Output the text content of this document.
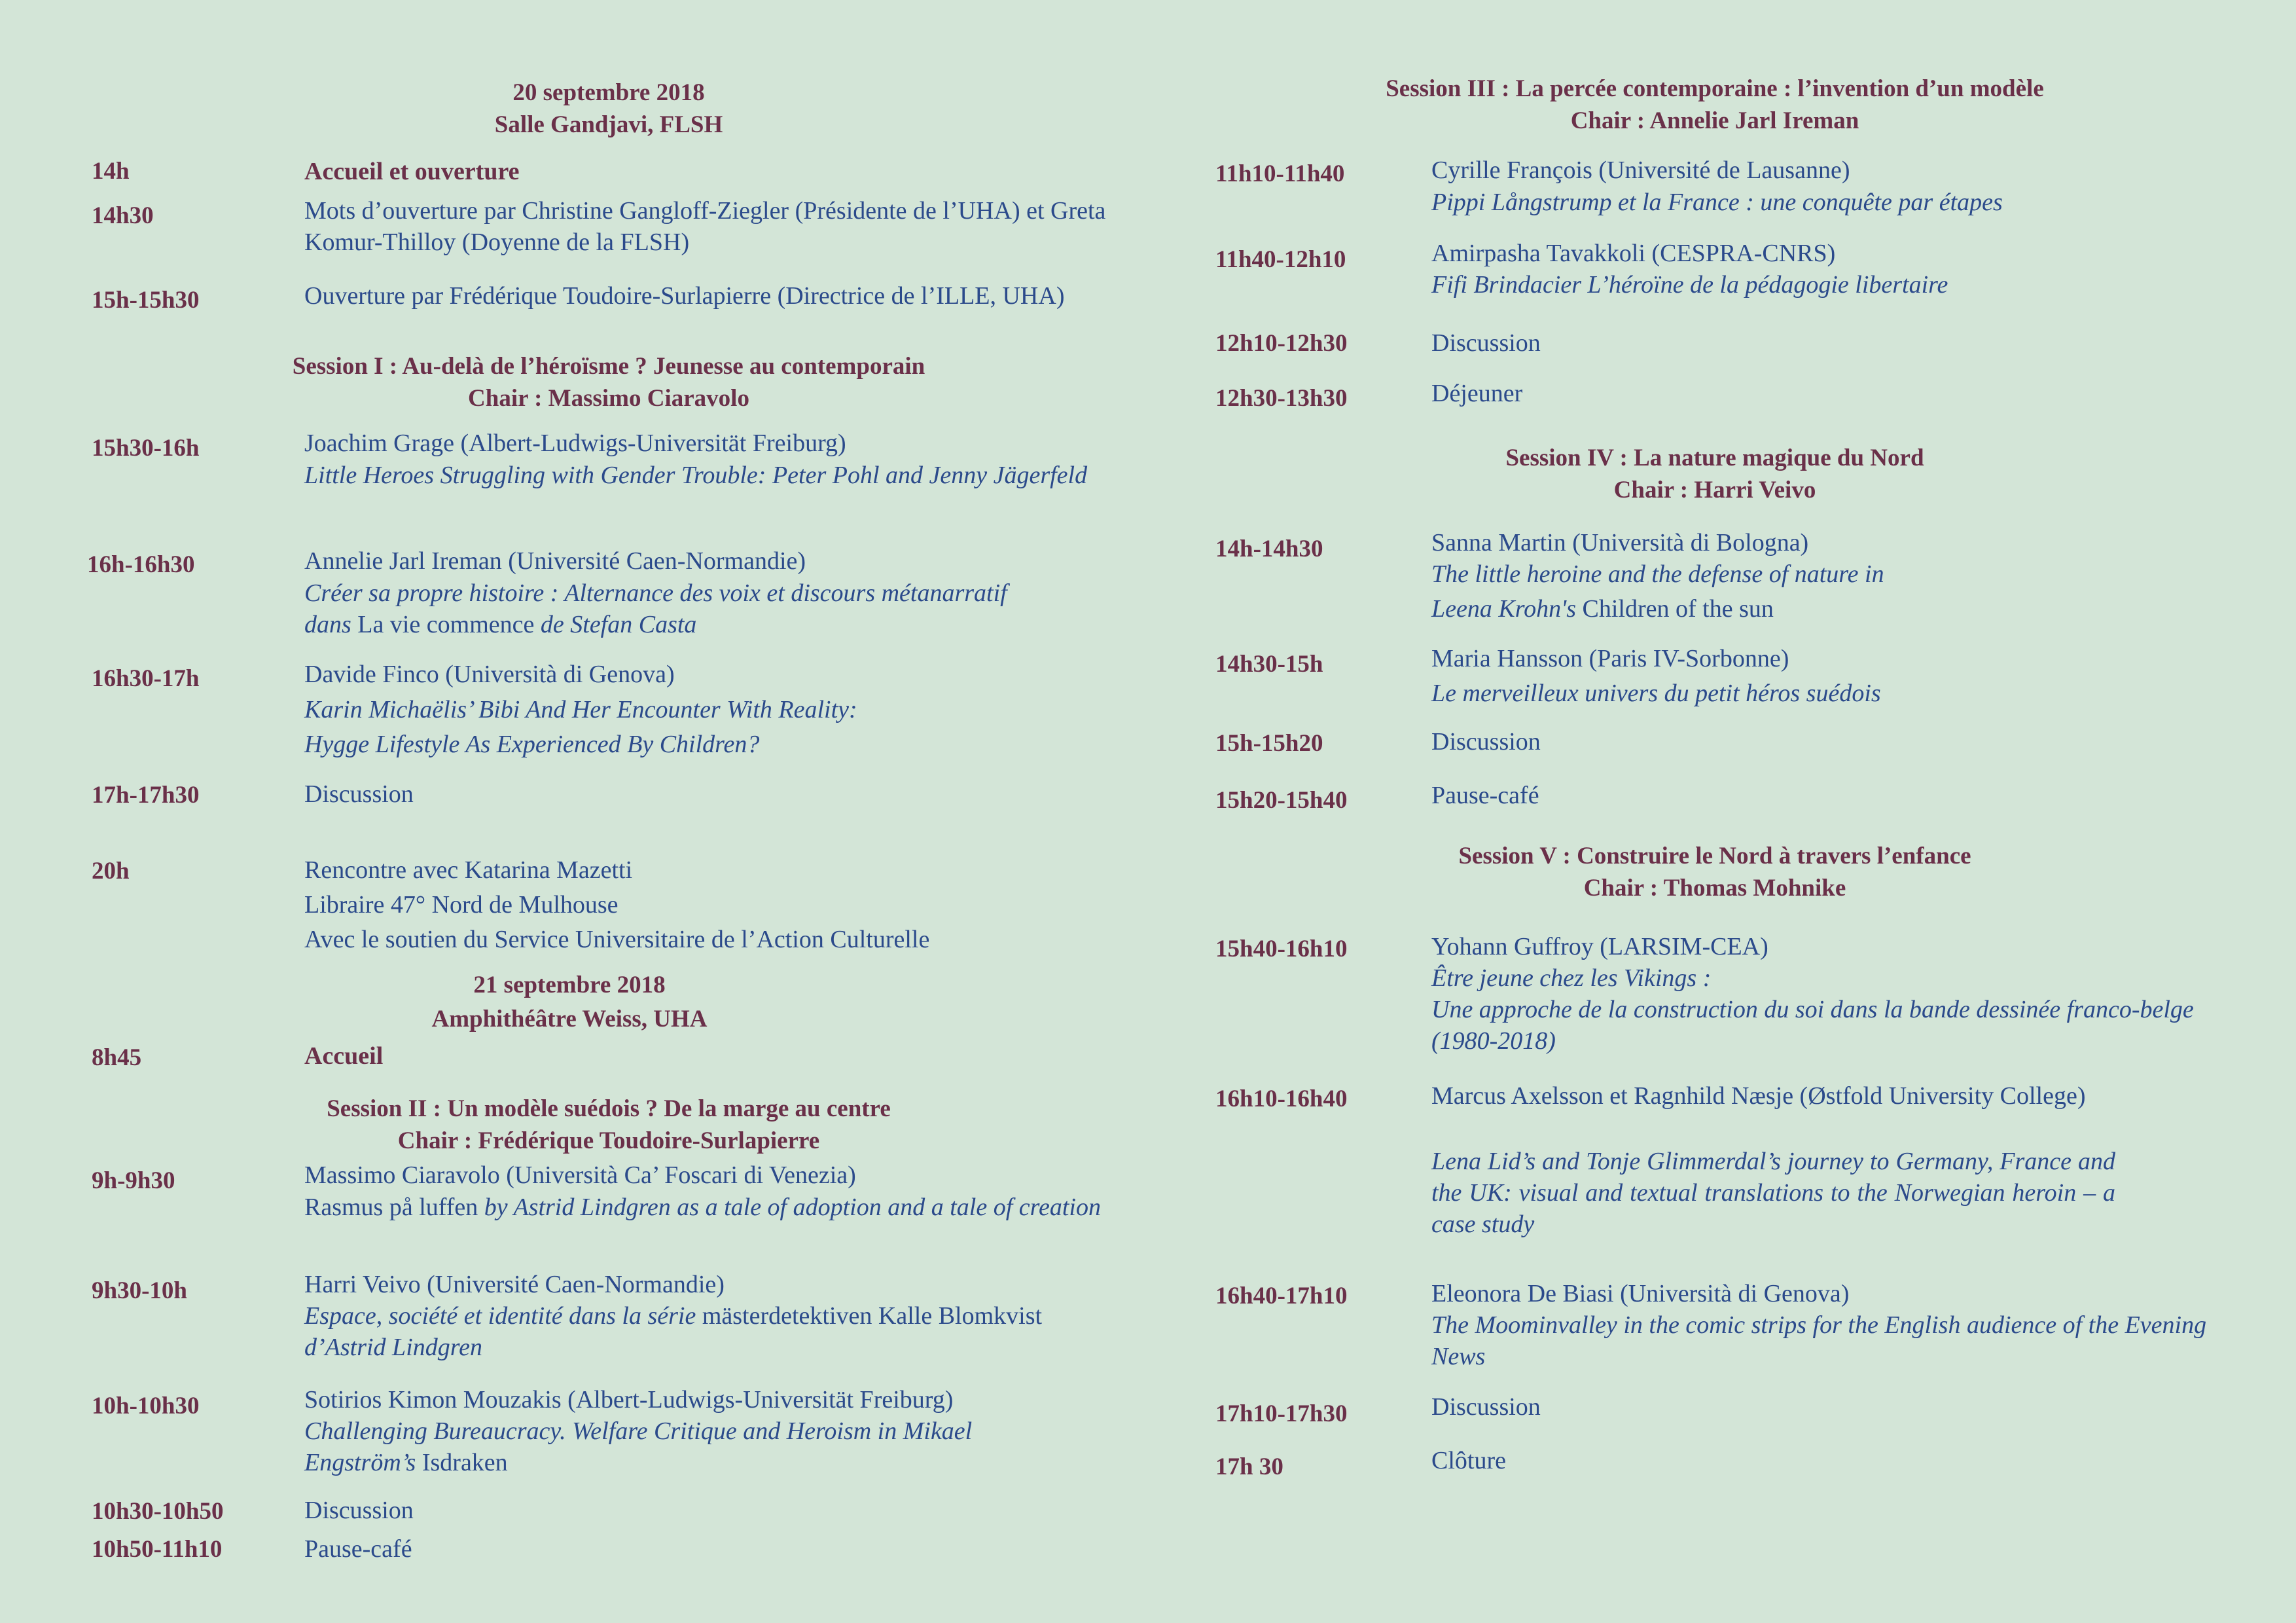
20 septembre 2018
Salle Gandjavi, FLSH
14h	Accueil et ouverture
14h30	Mots d’ouverture par Christine Gangloff-Ziegler (Présidente de l’UHA) et Greta Komur-Thilloy (Doyenne de la FLSH)
15h-15h30	Ouverture par Frédérique Toudoire-Surlapierre (Directrice de l’ILLE, UHA)
Session I : Au-delà de l’héroïsme ? Jeunesse au contemporain
Chair : Massimo Ciaravolo
15h30-16h	Joachim Grage (Albert-Ludwigs-Universität Freiburg)
Little Heroes Struggling with Gender Trouble: Peter Pohl and Jenny Jägerfeld
16h-16h30	Annelie Jarl Ireman (Université Caen-Normandie)
Créer sa propre histoire : Alternance des voix et discours métanarratif
dans La vie commence de Stefan Casta
16h30-17h	Davide Finco (Università di Genova)
Karin Michaëlis’ Bibi And Her Encounter With Reality:
Hygge Lifestyle As Experienced By Children?
17h-17h30	Discussion
20h	Rencontre avec Katarina Mazetti
Libraire 47° Nord de Mulhouse
Avec le soutien du Service Universitaire de l’Action Culturelle
21 septembre 2018
Amphithéâtre Weiss, UHA
8h45	Accueil
Session II : Un modèle suédois ? De la marge au centre
Chair : Frédérique Toudoire-Surlapierre
9h-9h30	Massimo Ciaravolo (Università Ca’ Foscari di Venezia)
Rasmus på luffen by Astrid Lindgren as a tale of adoption and a tale of creation
9h30-10h	Harri Veivo (Université Caen-Normandie)
Espace, société et identité dans la série mästerdetektiven Kalle Blomkvist
d’Astrid Lindgren
10h-10h30	Sotirios Kimon Mouzakis (Albert-Ludwigs-Universität Freiburg)
Challenging Bureaucracy. Welfare Critique and Heroism in Mikael Engström’s Isdraken
10h30-10h50	Discussion
10h50-11h10	Pause-café
Session III : La percée contemporaine : l’invention d’un modèle
Chair : Annelie Jarl Ireman
11h10-11h40	Cyrille François (Université de Lausanne)
Pippi Långstrump et la France : une conquête par étapes
11h40-12h10	Amirpasha Tavakkoli (CESPRA-CNRS)
Fifi Brindacier L’héroïne de la pédagogie libertaire
12h10-12h30	Discussion
12h30-13h30	Déjeuner
Session IV : La nature magique du Nord
Chair : Harri Veivo
14h-14h30	Sanna Martin (Università di Bologna)
The little heroine and the defense of nature in
Leena Krohn's Children of the sun
14h30-15h	Maria Hansson (Paris IV-Sorbonne)
Le merveilleux univers du petit héros suédois
15h-15h20	Discussion
15h20-15h40	Pause-café
Session V : Construire le Nord à travers l’enfance
Chair : Thomas Mohnike
15h40-16h10	Yohann Guffroy (LARSIM-CEA)
Être jeune chez les Vikings :
Une approche de la construction du soi dans la bande dessinée franco-belge (1980-2018)
16h10-16h40	Marcus Axelsson et Ragnhild Næsje (Østfold University College)
Lena Lid’s and Tonje Glimmerdal’s journey to Germany, France and the UK: visual and textual translations to the Norwegian heroin – a case study
16h40-17h10	Eleonora De Biasi (Università di Genova)
The Moominvalley in the comic strips for the English audience of the Evening News
17h10-17h30	Discussion
17h 30	Clôture
